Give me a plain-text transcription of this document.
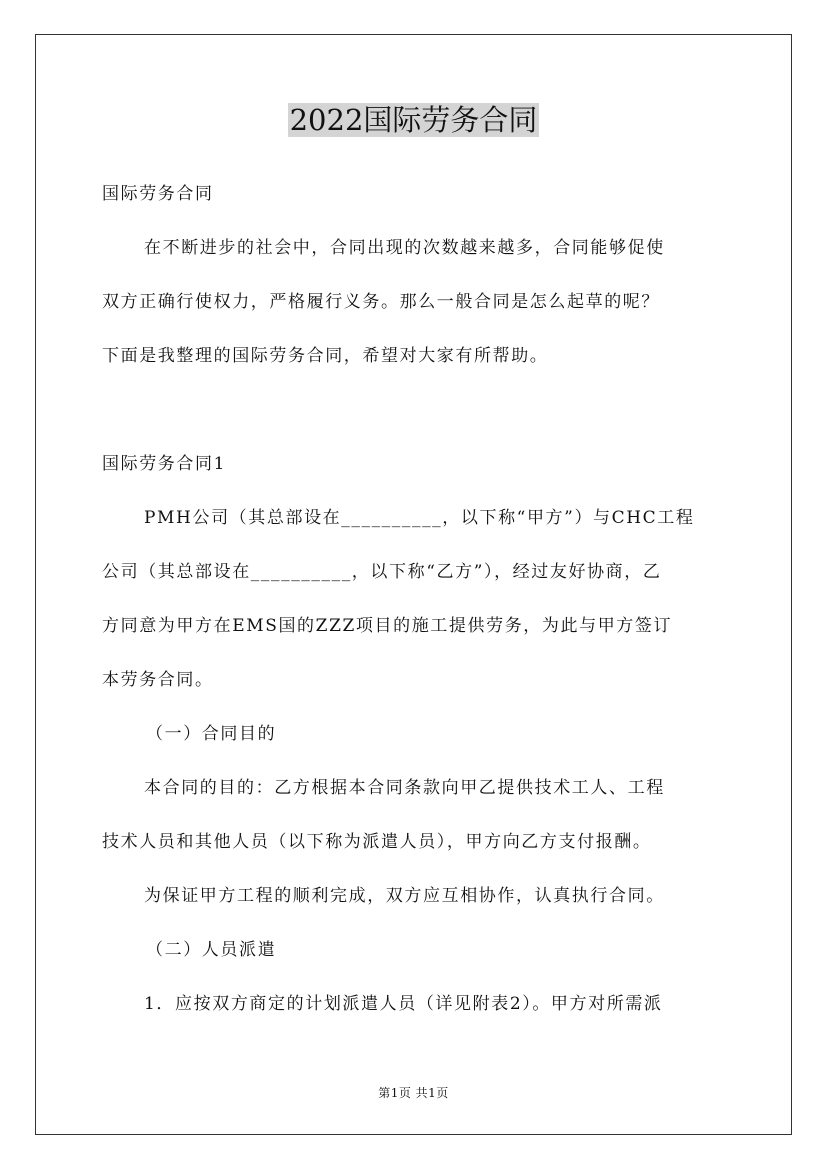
2022国际劳务合同
国际劳务合同
在不断进步的社会中，合同出现的次数越来越多，合同能够促使
双方正确行使权力，严格履行义务。那么一般合同是怎么起草的呢？
下面是我整理的国际劳务合同，希望对大家有所帮助。
国际劳务合同1
PMH公司（其总部设在__________，以下称“甲方”）与CHC工程
公司（其总部设在__________，以下称“乙方”），经过友好协商，乙
方同意为甲方在EMS国的ZZZ项目的施工提供劳务，为此与甲方签订
本劳务合同。
（一）合同目的
本合同的目的：乙方根据本合同条款向甲乙提供技术工人、工程
技术人员和其他人员（以下称为派遣人员），甲方向乙方支付报酬。
为保证甲方工程的顺利完成，双方应互相协作，认真执行合同。
（二）人员派遣
1．应按双方商定的计划派遣人员（详见附表2）。甲方对所需派
第1页 共1页
